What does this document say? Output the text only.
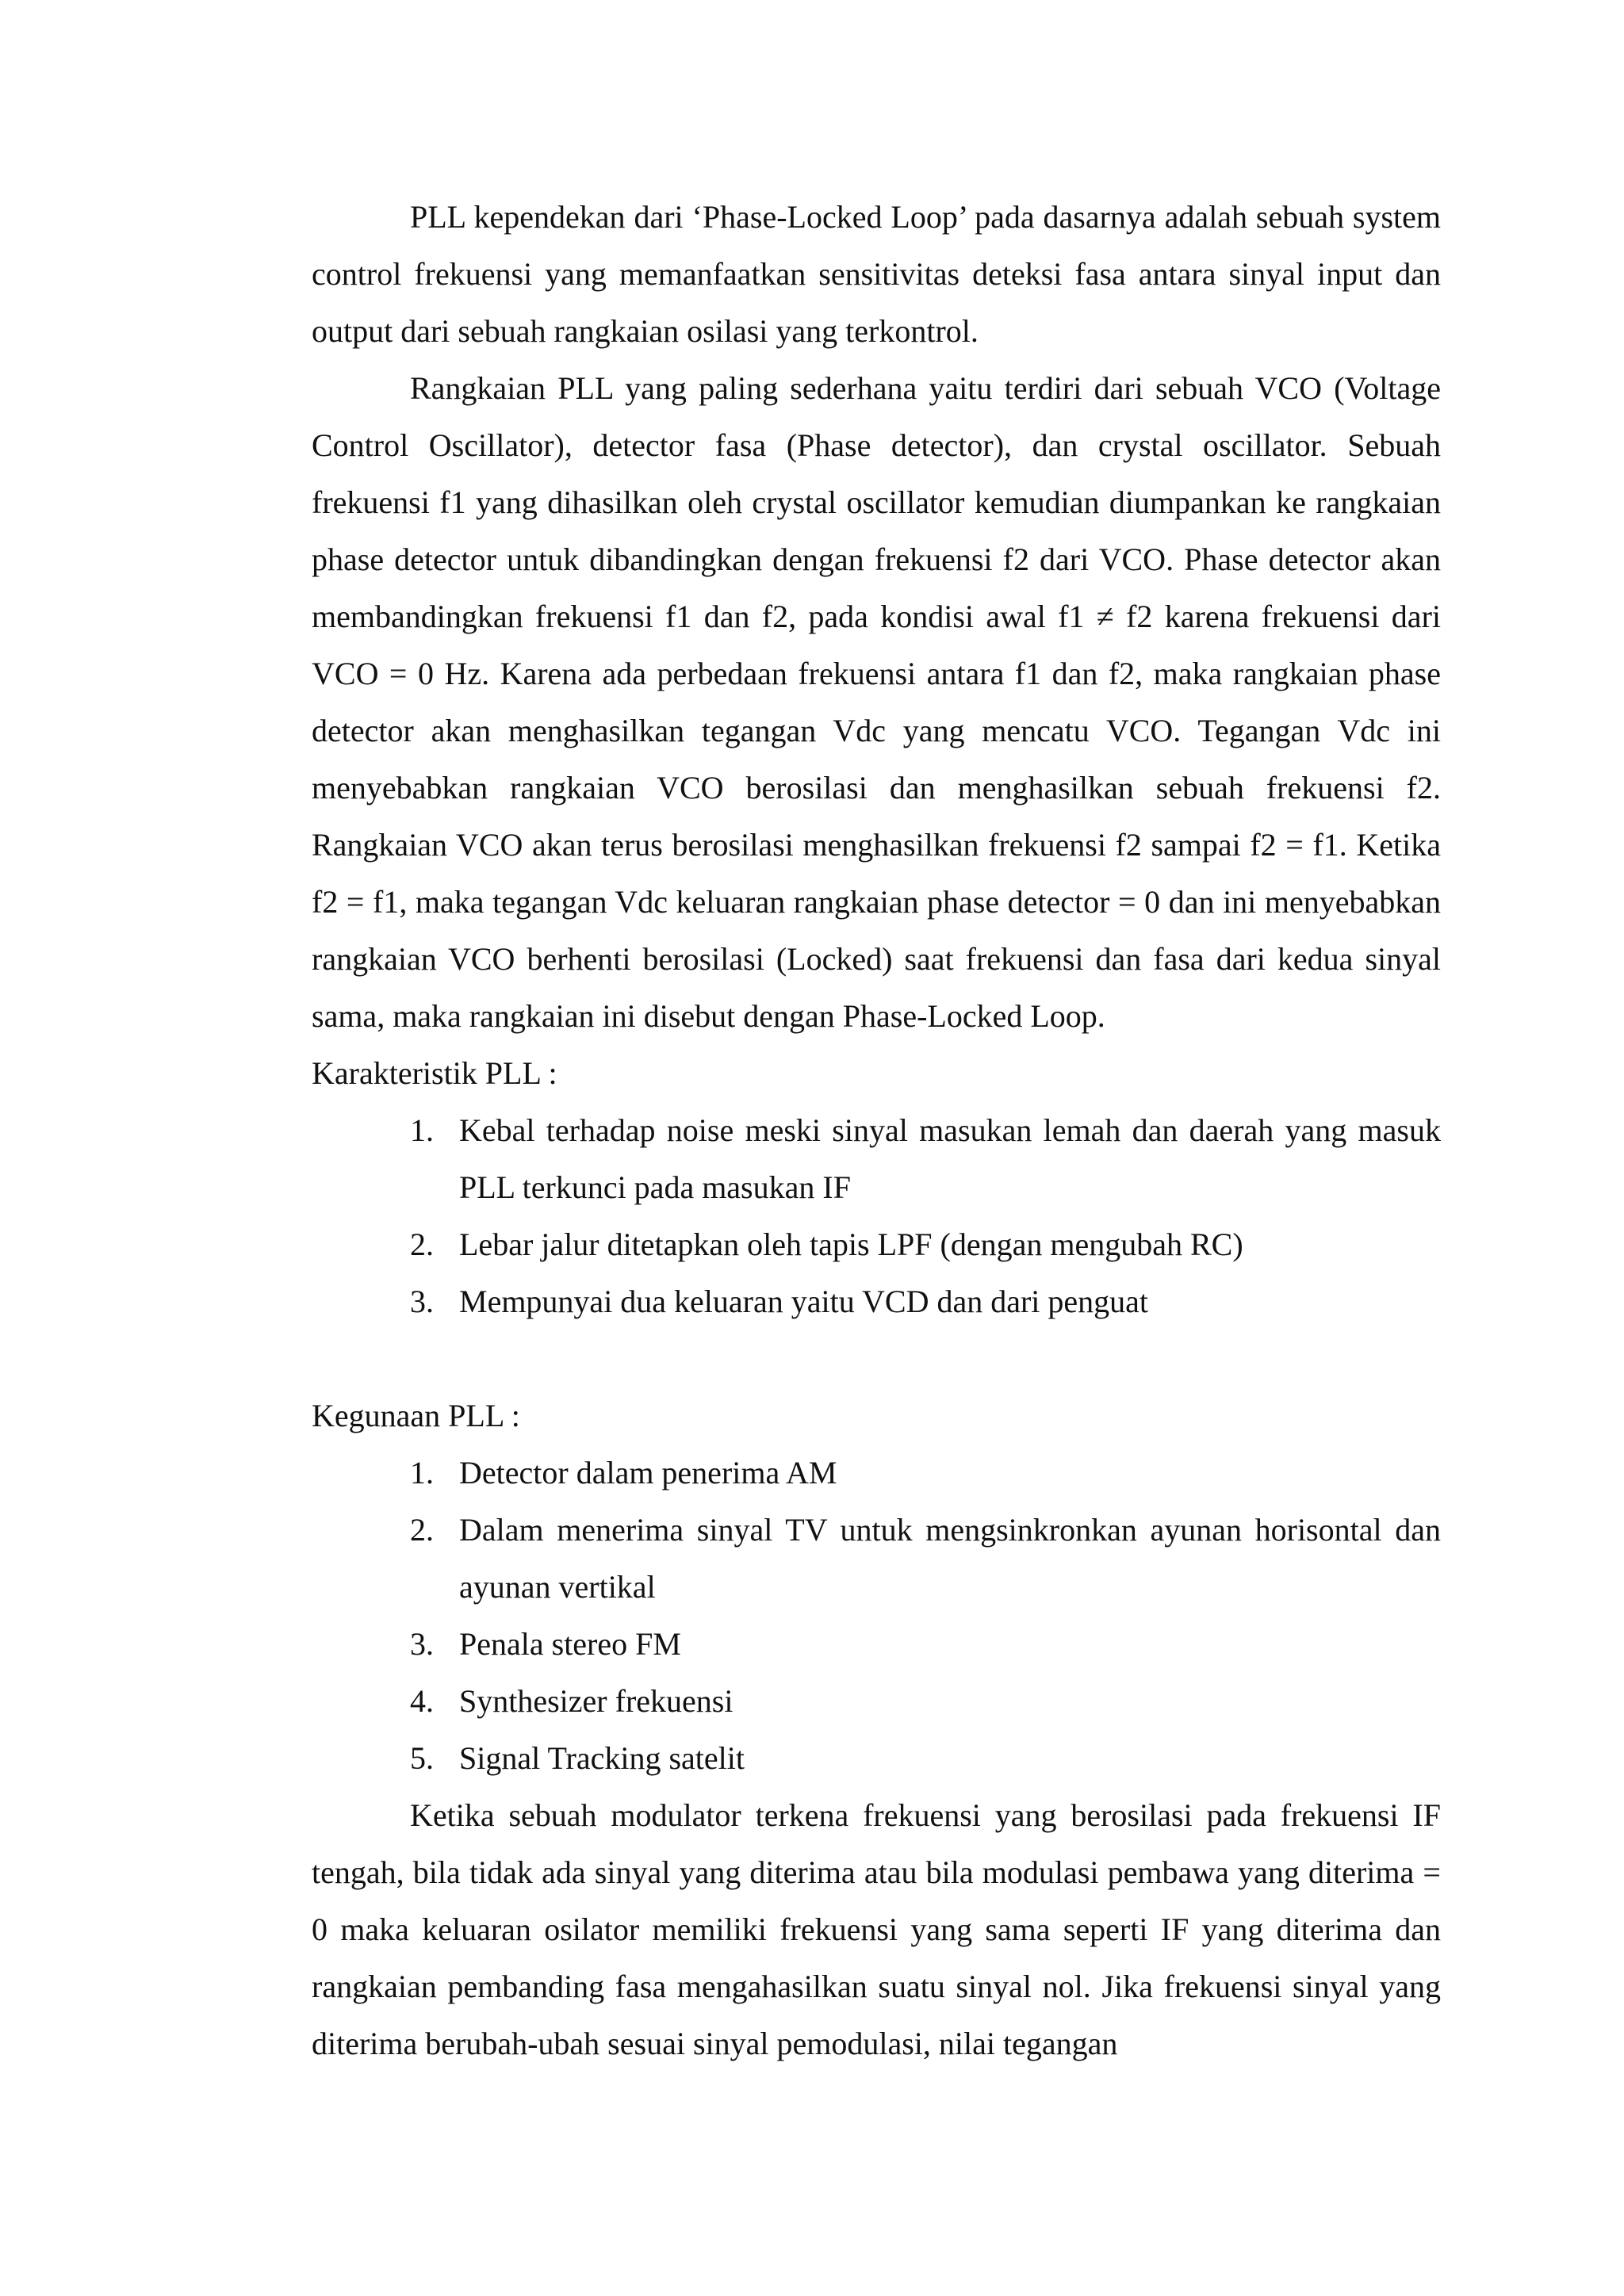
PLL kependekan dari ‘Phase-Locked Loop’ pada dasarnya adalah sebuah system control frekuensi yang memanfaatkan sensitivitas deteksi fasa antara sinyal input dan output dari sebuah rangkaian osilasi yang terkontrol.

Rangkaian PLL yang paling sederhana yaitu terdiri dari sebuah VCO (Voltage Control Oscillator), detector fasa (Phase detector), dan crystal oscillator. Sebuah frekuensi f1 yang dihasilkan oleh crystal oscillator kemudian diumpankan ke rangkaian phase detector untuk dibandingkan dengan frekuensi f2 dari VCO. Phase detector akan membandingkan frekuensi f1 dan f2, pada kondisi awal f1 ≠ f2 karena frekuensi dari VCO = 0 Hz. Karena ada perbedaan frekuensi antara f1 dan f2, maka rangkaian phase detector akan menghasilkan tegangan Vdc yang mencatu VCO. Tegangan Vdc ini menyebabkan rangkaian VCO berosilasi dan menghasilkan sebuah frekuensi f2. Rangkaian VCO akan terus berosilasi menghasilkan frekuensi f2 sampai f2 = f1. Ketika f2 = f1, maka tegangan Vdc keluaran rangkaian phase detector = 0 dan ini menyebabkan rangkaian VCO berhenti berosilasi (Locked) saat frekuensi dan fasa dari kedua sinyal sama, maka rangkaian ini disebut dengan Phase-Locked Loop.

Karakteristik PLL :

1. Kebal terhadap noise meski sinyal masukan lemah dan daerah yang masuk PLL terkunci pada masukan IF
2. Lebar jalur ditetapkan oleh tapis LPF (dengan mengubah RC)
3. Mempunyai dua keluaran yaitu VCD dan dari penguat

Kegunaan PLL :

1. Detector dalam penerima AM
2. Dalam menerima sinyal TV untuk mengsinkronkan ayunan horisontal dan ayunan vertikal
3. Penala stereo FM
4. Synthesizer frekuensi
5. Signal Tracking satelit

Ketika sebuah modulator terkena frekuensi yang berosilasi pada frekuensi IF tengah, bila tidak ada sinyal yang diterima atau bila modulasi pembawa yang diterima = 0 maka keluaran osilator memiliki frekuensi yang sama seperti IF yang diterima dan rangkaian pembanding fasa mengahasilkan suatu sinyal nol. Jika frekuensi sinyal yang diterima berubah-ubah sesuai sinyal pemodulasi, nilai tegangan
